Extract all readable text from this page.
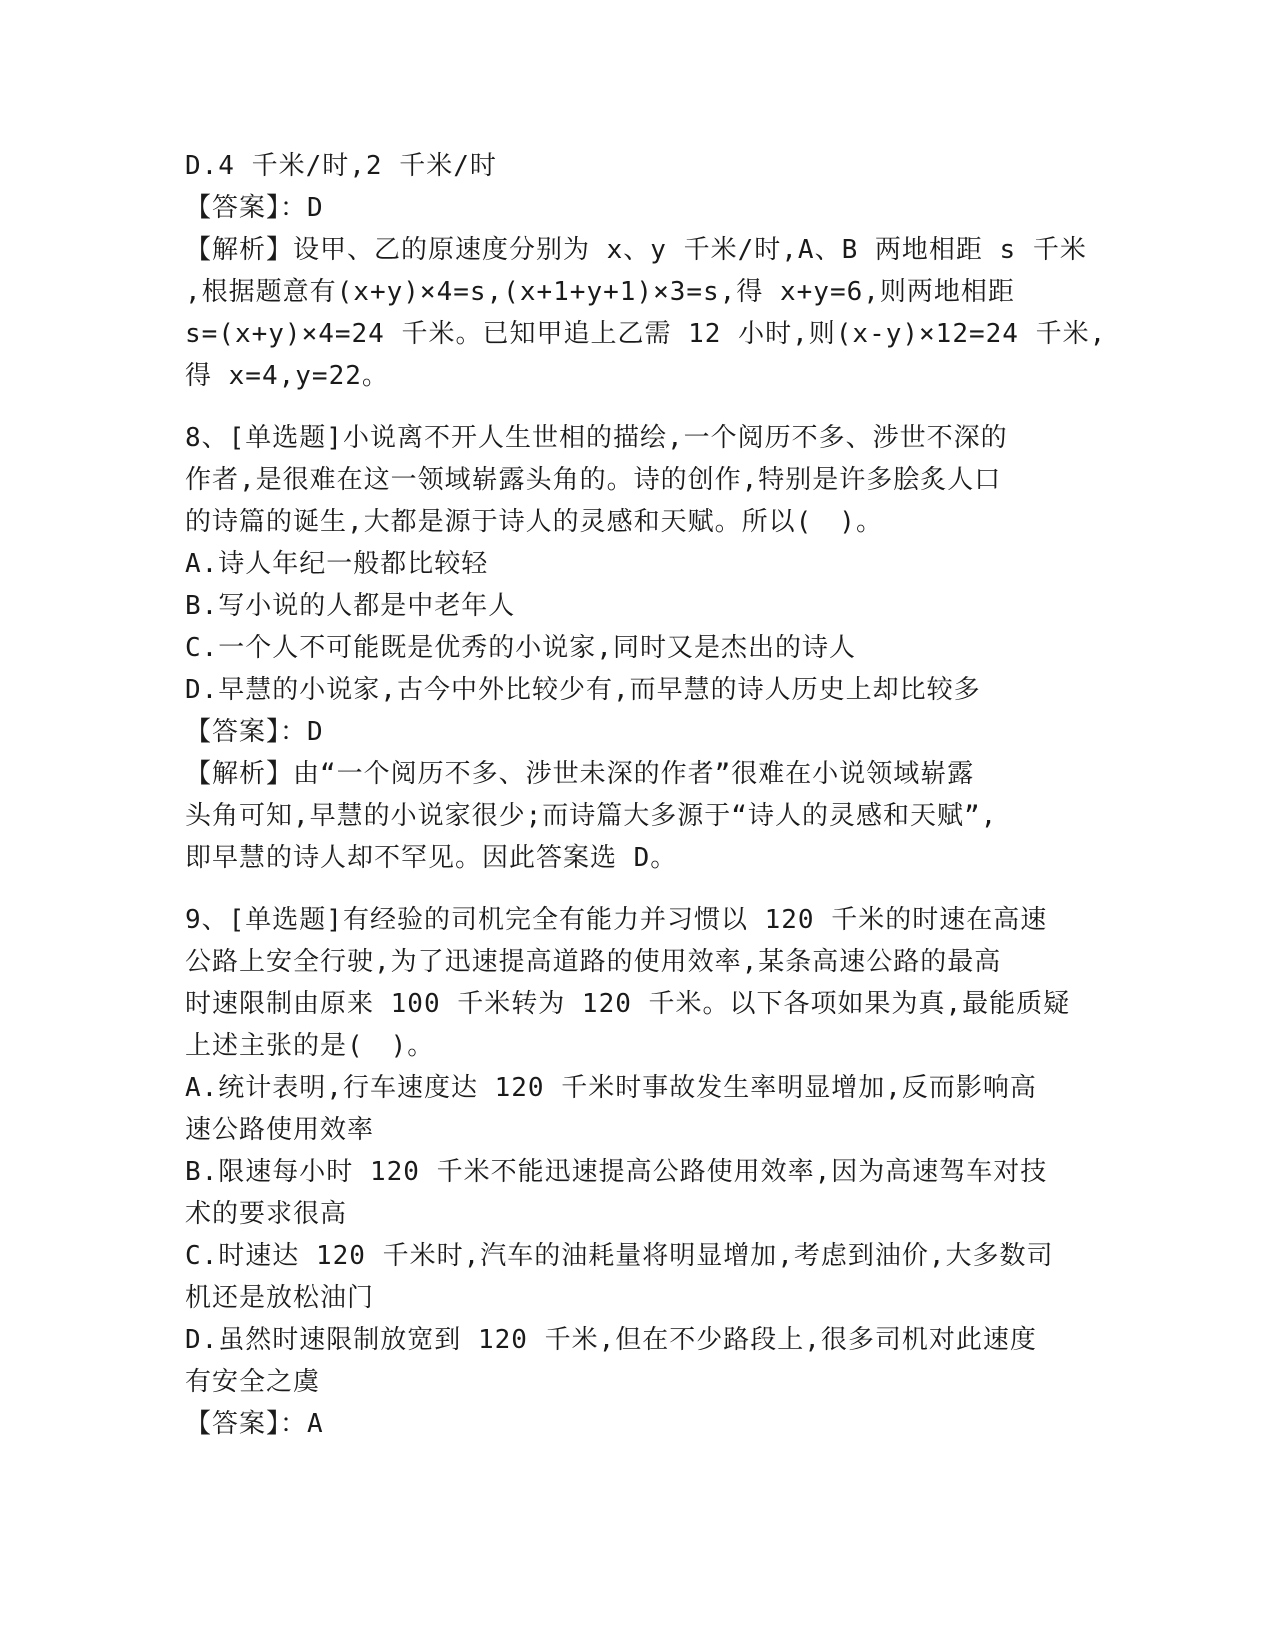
D.4 千米/时,2 千米/时

【答案】：D

【解析】设甲、乙的原速度分别为 x、y 千米/时,A、B 两地相距 s 千米

,根据题意有(x+y)×4=s,(x+1+y+1)×3=s,得 x+y=6,则两地相距

s=(x+y)×4=24 千米。已知甲追上乙需 12 小时,则(x-y)×12=24 千米,

得 x=4,y=22。

8、[单选题]小说离不开人生世相的描绘,一个阅历不多、涉世不深的

作者,是很难在这一领域崭露头角的。诗的创作,特别是许多脍炙人口

的诗篇的诞生,大都是源于诗人的灵感和天赋。所以(　)。

A.诗人年纪一般都比较轻

B.写小说的人都是中老年人

C.一个人不可能既是优秀的小说家,同时又是杰出的诗人

D.早慧的小说家,古今中外比较少有,而早慧的诗人历史上却比较多

【答案】：D

【解析】由“一个阅历不多、涉世未深的作者”很难在小说领域崭露

头角可知,早慧的小说家很少;而诗篇大多源于“诗人的灵感和天赋”,

即早慧的诗人却不罕见。因此答案选 D。

9、[单选题]有经验的司机完全有能力并习惯以 120 千米的时速在高速

公路上安全行驶,为了迅速提高道路的使用效率,某条高速公路的最高

时速限制由原来 100 千米转为 120 千米。以下各项如果为真,最能质疑

上述主张的是(　)。

A.统计表明,行车速度达 120 千米时事故发生率明显增加,反而影响高

速公路使用效率

B.限速每小时 120 千米不能迅速提高公路使用效率,因为高速驾车对技

术的要求很高

C.时速达 120 千米时,汽车的油耗量将明显增加,考虑到油价,大多数司

机还是放松油门

D.虽然时速限制放宽到 120 千米,但在不少路段上,很多司机对此速度

有安全之虞

【答案】：A
